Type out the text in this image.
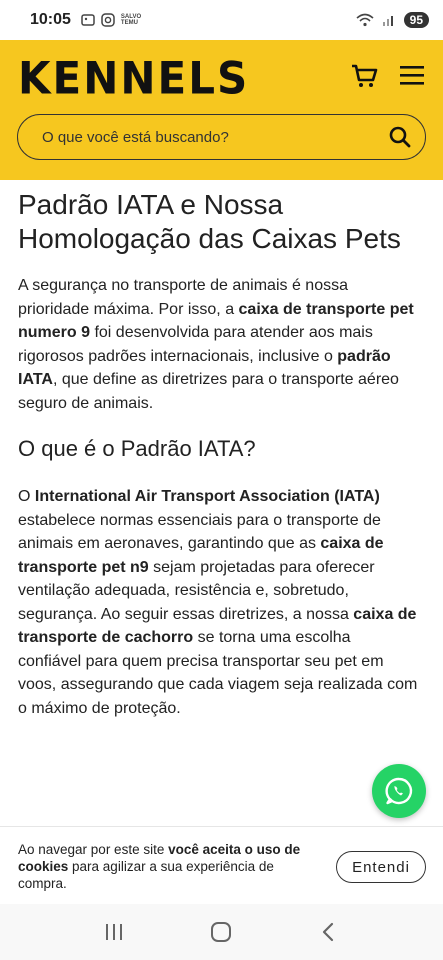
10:05	SALVO TEMU	95
KENNELS
O que você está buscando?
Padrão IATA e Nossa Homologação das Caixas Pets

A segurança no transporte de animais é nossa prioridade máxima. Por isso, a caixa de transporte pet numero 9 foi desenvolvida para atender aos mais rigorosos padrões internacionais, inclusive o padrão IATA, que define as diretrizes para o transporte aéreo seguro de animais.

O que é o Padrão IATA?

O International Air Transport Association (IATA) estabelece normas essenciais para o transporte de animais em aeronaves, garantindo que as caixa de transporte pet n9 sejam projetadas para oferecer ventilação adequada, resistência e, sobretudo, segurança. Ao seguir essas diretrizes, a nossa caixa de transporte de cachorro se torna uma escolha confiável para quem precisa transportar seu pet em voos, assegurando que cada viagem seja realizada com o máximo de proteção.

Ao navegar por este site você aceita o uso de cookies para agilizar a sua experiência de compra.
Entendi
